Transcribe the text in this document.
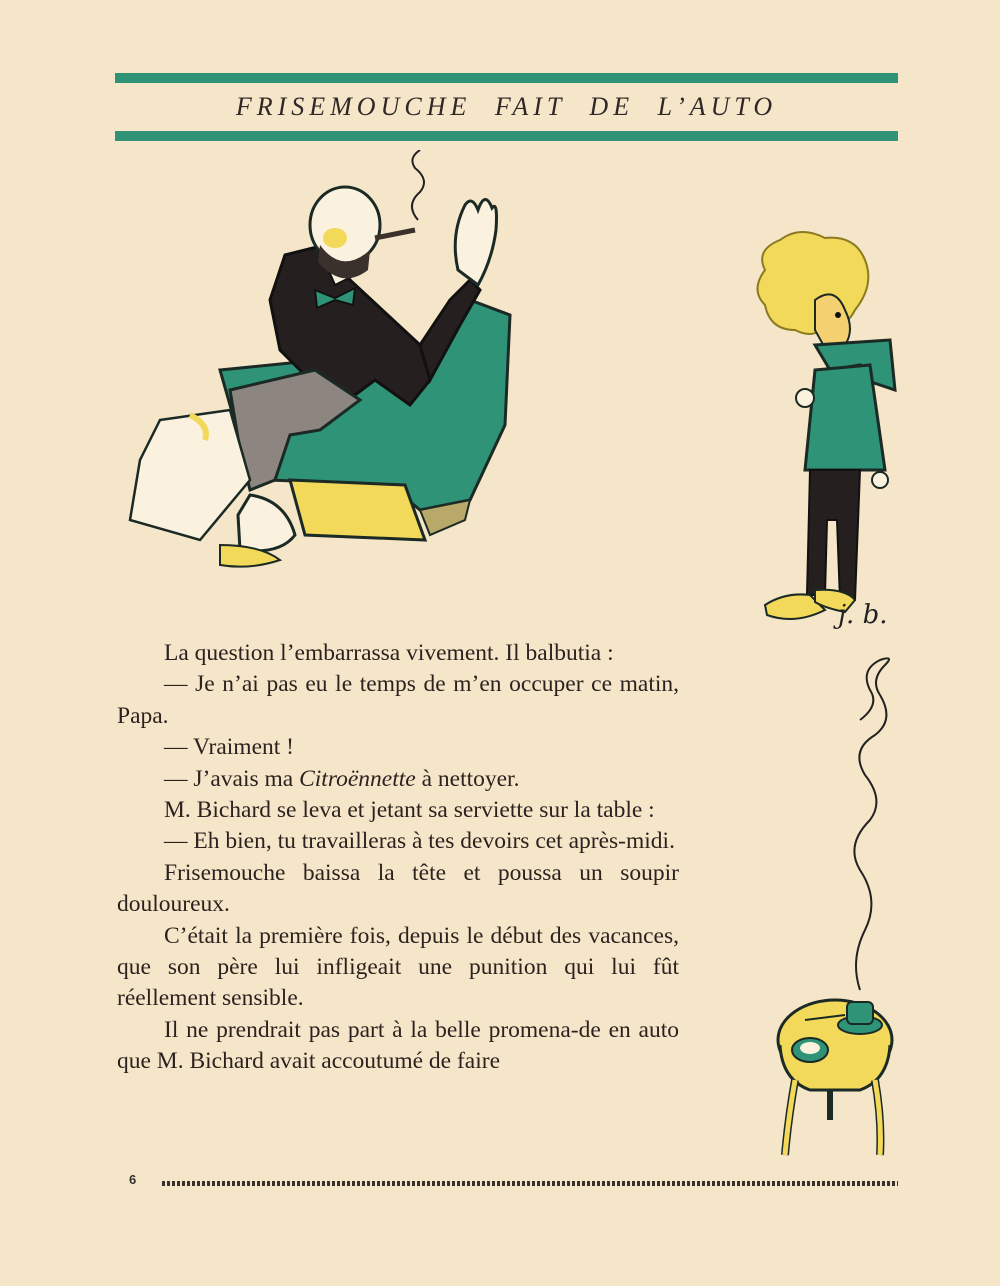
FRISEMOUCHE FAIT DE L’AUTO
j. b.

La question l’embarrassa vivement. Il balbutia :

— Je n’ai pas eu le temps de m’en occuper ce matin, Papa.

— Vraiment !

— J’avais ma Citroënnette à nettoyer.

M. Bichard se leva et jetant sa serviette sur la table :

— Eh bien, tu travailleras à tes devoirs cet après-midi.

Frisemouche baissa la tête et poussa un soupir douloureux.

C’était la première fois, depuis le début des vacances, que son père lui infligeait une punition qui lui fût réellement sensible.

Il ne prendrait pas part à la belle promena-de en auto que M. Bichard avait accoutumé de faire

6
